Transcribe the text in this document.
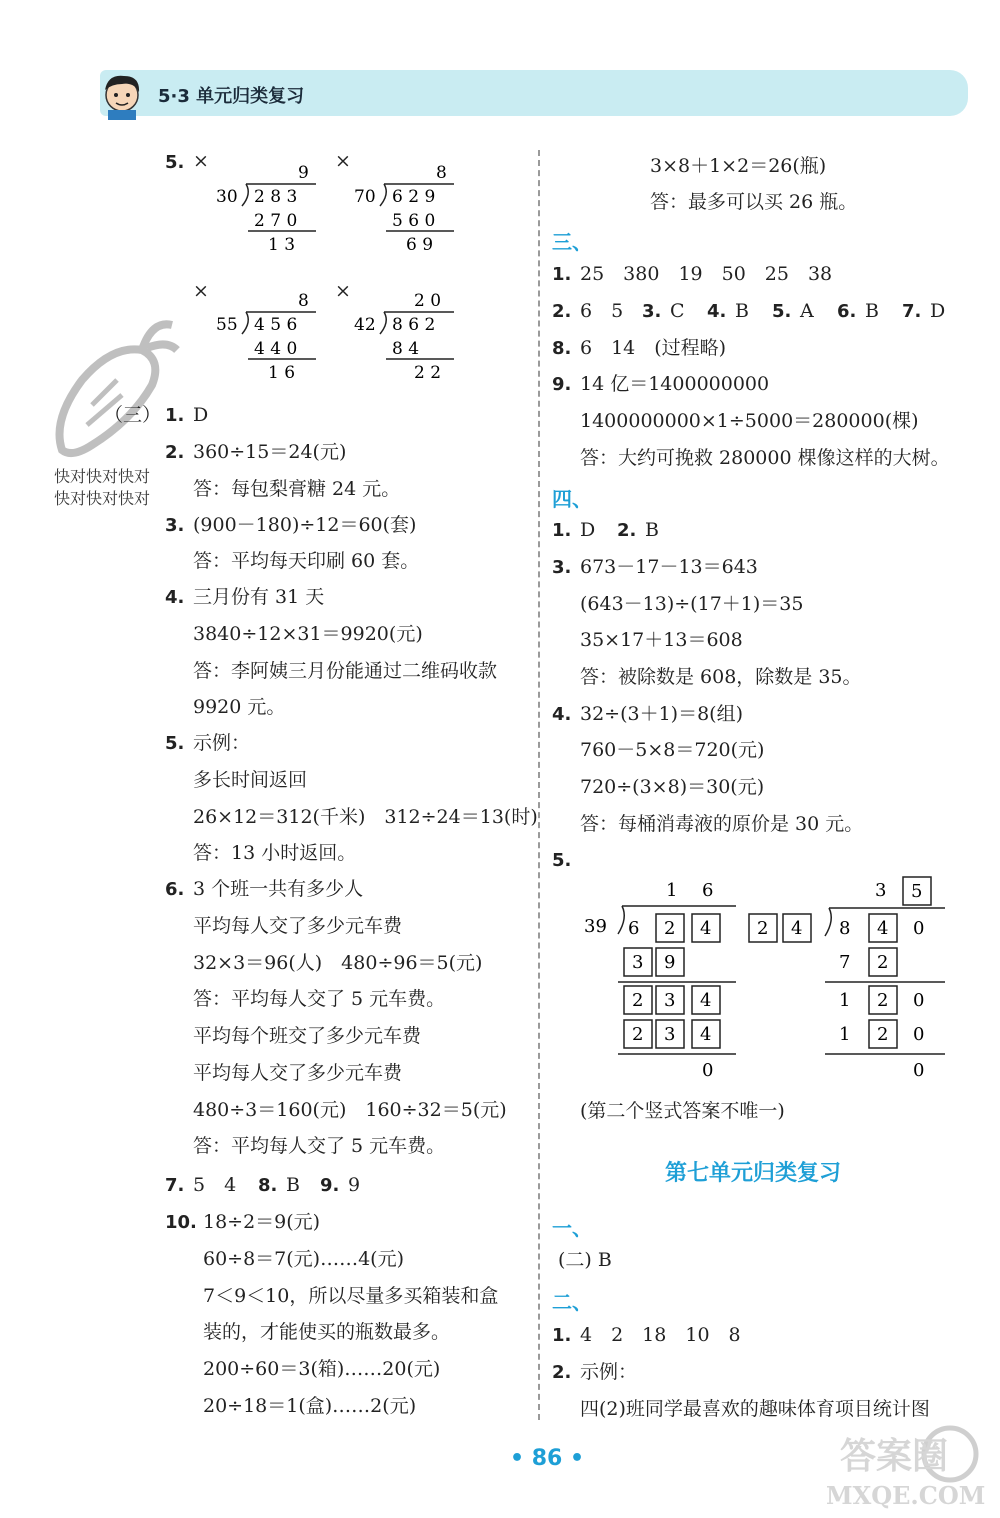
5·3 单元归类复习
快对快对快对
快对快对快对
5. ×	×
×	×
9
30 2 8 3
2 7 0
1 3
8
70 6 2 9
5 6 0
6 9
8
55 4 5 6
4 4 0
1 6
2 0
42 8 6 2
8 4
2 2
（三） 1. D
2. 360÷15＝24(元)
答：每包梨膏糖 24 元。
3. (900－180)÷12＝60(套)
答：平均每天印刷 60 套。
4. 三月份有 31 天
3840÷12×31＝9920(元)
答：李阿姨三月份能通过二维码收款
9920 元。
5. 示例：
多长时间返回
26×12＝312(千米)　312÷24＝13(时)
答：13 小时返回。
6. 3 个班一共有多少人
平均每人交了多少元车费
32×3＝96(人)　480÷96＝5(元)
答：平均每人交了 5 元车费。
平均每个班交了多少元车费
平均每人交了多少元车费
480÷3＝160(元)　160÷32＝5(元)
答：平均每人交了 5 元车费。
7. 5　4 8. B 9. 9
10. 18÷2＝9(元)
60÷8＝7(元)……4(元)
7＜9＜10，所以尽量多买箱装和盒
装的，才能使买的瓶数最多。
200÷60＝3(箱)……20(元)
20÷18＝1(盒)……2(元)
3×8＋1×2＝26(瓶)
答：最多可以买 26 瓶。
三、
1. 25　380　19　50　25　38
2. 6　5 3. C 4. B 5. A 6. B 7. D
8. 6　14　(过程略)
9. 14 亿＝1400000000
1400000000×1÷5000＝280000(棵)
答：大约可挽救 280000 棵像这样的大树。
四、
1. D 2. B
3. 673－17－13＝643
(643－13)÷(17＋1)＝35
35×17＋13＝608
答：被除数是 608，除数是 35。
4. 32÷(3＋1)＝8(组)
760－5×8＝720(元)
720÷(3×8)＝30(元)
答：每桶消毒液的原价是 30 元。
5.
1 6
39 6 2 4
3 9
2 3 4
2 3 4
0
3 5
2 4 8 4 0
7 2
1 2 0
1 2 0
0
(第二个竖式答案不唯一)
第七单元归类复习
一、
(二) B
二、
1. 4　2　18　10　8
2. 示例：
四(2)班同学最喜欢的趣味体育项目统计图
• 86 •	答案圈
MXQE.COM
